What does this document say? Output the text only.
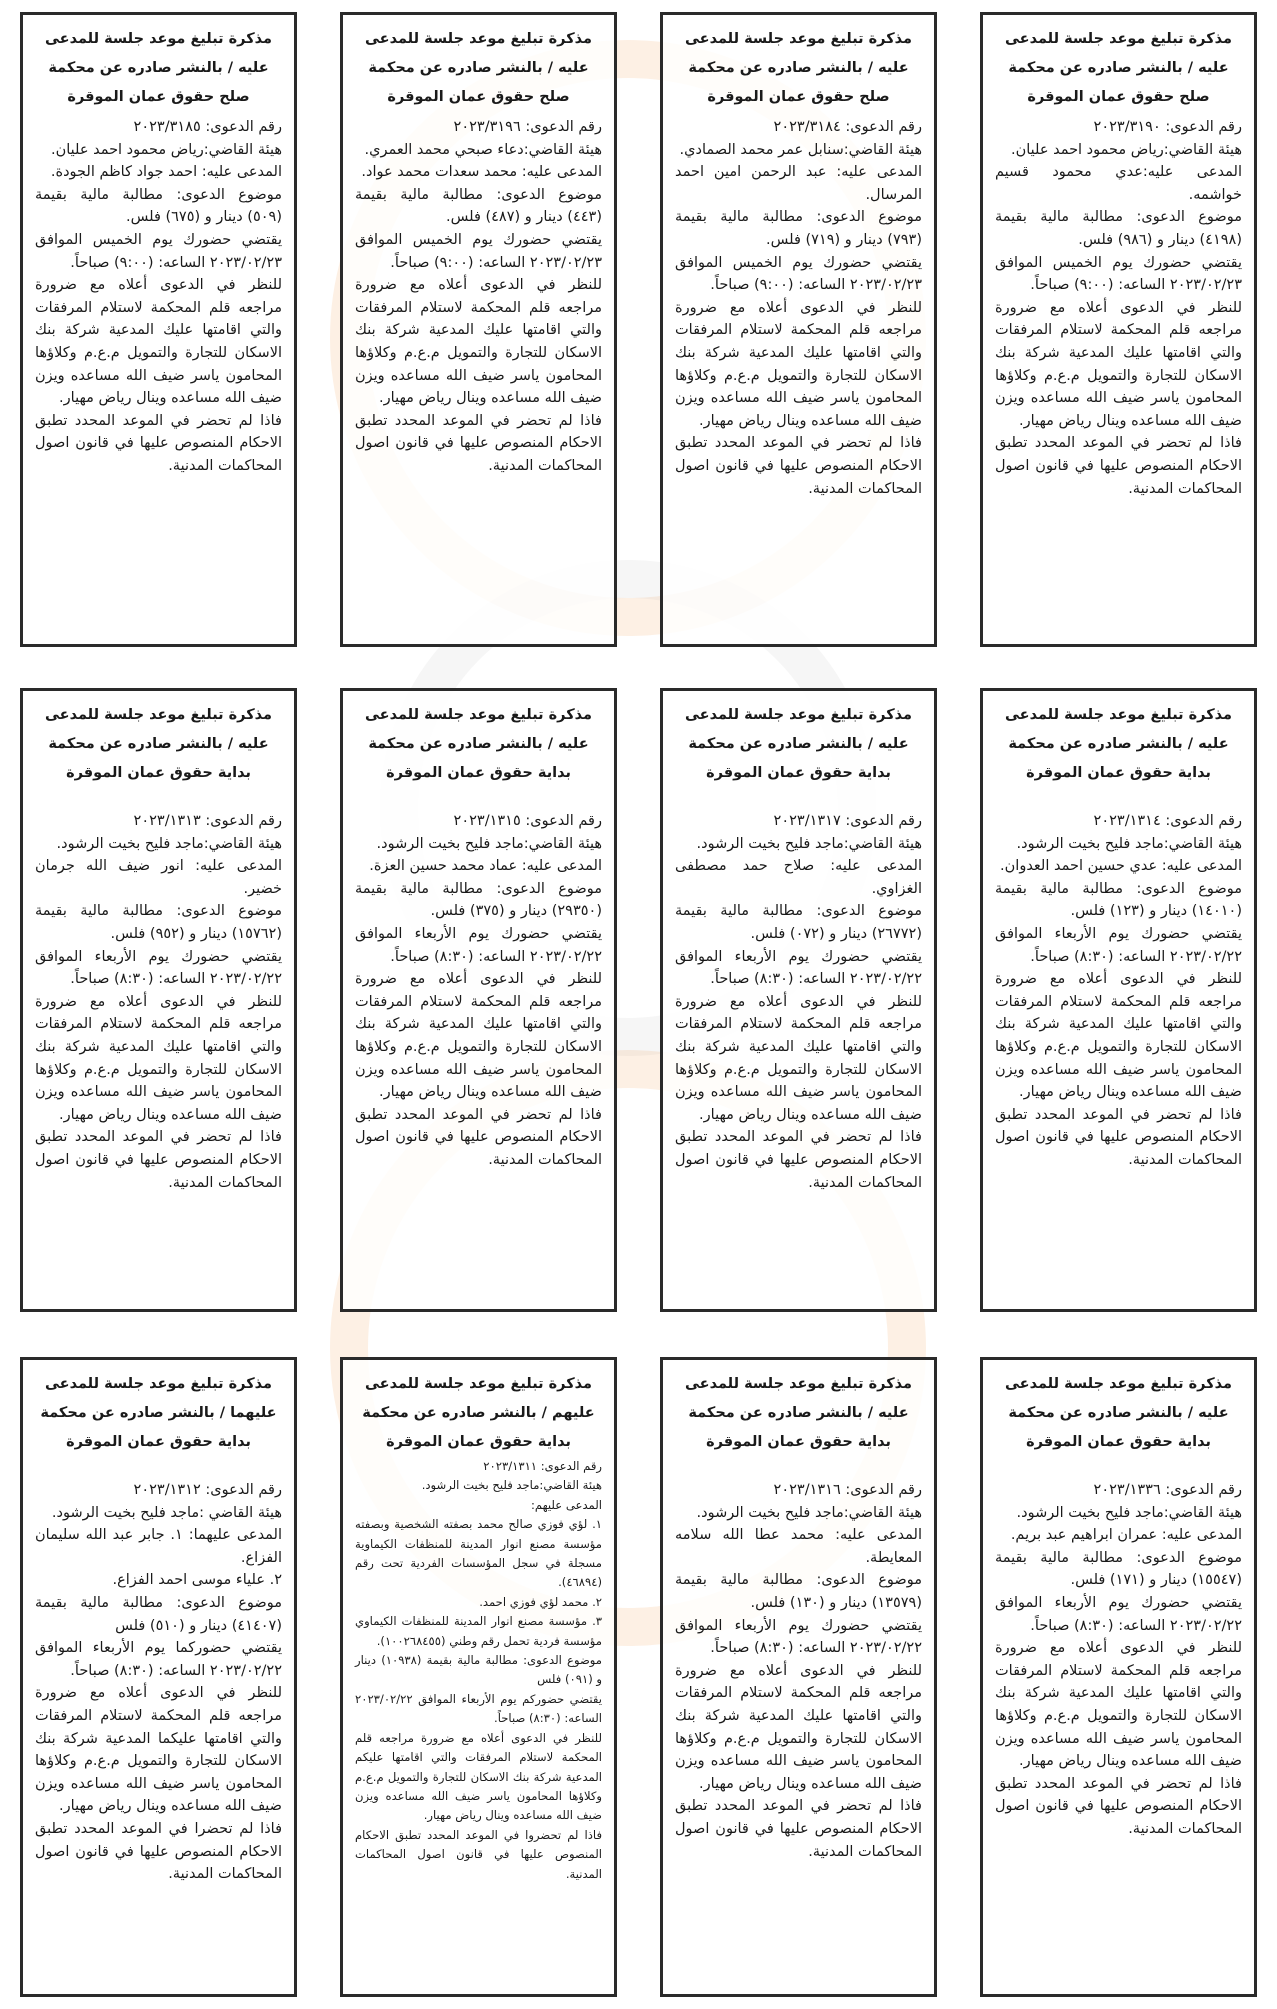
مذكرة تبليغ موعد جلسة للمدعى عليه / بالنشر صادره عن محكمة صلح حقوق عمان الموقرة

رقم الدعوى: ٢٠٢٣/٣١٩٠

هيئة القاضي:رياض محمود احمد عليان.

المدعى عليه:عدي محمود قسيم خواشمه.

موضوع الدعوى: مطالبة مالية بقيمة (٤١٩٨) دينار و (٩٨٦) فلس.

يقتضي حضورك يوم الخميس الموافق ٢٠٢٣/٠٢/٢٣ الساعه: (٩:٠٠) صباحاً.

للنظر في الدعوى أعلاه مع ضرورة مراجعه قلم المحكمة لاستلام المرفقات والتي اقامتها عليك المدعية شركة بنك الاسكان للتجارة والتمويل م.ع.م وكلاؤها المحامون ياسر ضيف الله مساعده ويزن ضيف الله مساعده وينال رياض مهيار.

فاذا لم تحضر في الموعد المحدد تطبق الاحكام المنصوص عليها في قانون اصول المحاكمات المدنية.

مذكرة تبليغ موعد جلسة للمدعى عليه / بالنشر صادره عن محكمة صلح حقوق عمان الموقرة

رقم الدعوى: ٢٠٢٣/٣١٨٤

هيئة القاضي:سنابل عمر محمد الصمادي.

المدعى عليه: عبد الرحمن امين احمد المرسال.

موضوع الدعوى: مطالبة مالية بقيمة (٧٩٣) دينار و (٧١٩) فلس.

يقتضي حضورك يوم الخميس الموافق ٢٠٢٣/٠٢/٢٣ الساعه: (٩:٠٠) صباحاً.

للنظر في الدعوى أعلاه مع ضرورة مراجعه قلم المحكمة لاستلام المرفقات والتي اقامتها عليك المدعية شركة بنك الاسكان للتجارة والتمويل م.ع.م وكلاؤها المحامون ياسر ضيف الله مساعده ويزن ضيف الله مساعده وينال رياض مهيار.

فاذا لم تحضر في الموعد المحدد تطبق الاحكام المنصوص عليها في قانون اصول المحاكمات المدنية.

مذكرة تبليغ موعد جلسة للمدعى عليه / بالنشر صادره عن محكمة صلح حقوق عمان الموقرة

رقم الدعوى: ٢٠٢٣/٣١٩٦

هيئة القاضي:دعاء صبحي محمد العمري.

المدعى عليه: محمد سعدات محمد عواد.

موضوع الدعوى: مطالبة مالية بقيمة (٤٤٣) دينار و (٤٨٧) فلس.

يقتضي حضورك يوم الخميس الموافق ٢٠٢٣/٠٢/٢٣ الساعه: (٩:٠٠) صباحاً.

للنظر في الدعوى أعلاه مع ضرورة مراجعه قلم المحكمة لاستلام المرفقات والتي اقامتها عليك المدعية شركة بنك الاسكان للتجارة والتمويل م.ع.م وكلاؤها المحامون ياسر ضيف الله مساعده ويزن ضيف الله مساعده وينال رياض مهيار.

فاذا لم تحضر في الموعد المحدد تطبق الاحكام المنصوص عليها في قانون اصول المحاكمات المدنية.

مذكرة تبليغ موعد جلسة للمدعى عليه / بالنشر صادره عن محكمة صلح حقوق عمان الموقرة

رقم الدعوى: ٢٠٢٣/٣١٨٥

هيئة القاضي:رياض محمود احمد عليان.

المدعى عليه: احمد جواد كاظم الجودة.

موضوع الدعوى: مطالبة مالية بقيمة (٥٠٩) دينار و (٦٧٥) فلس.

يقتضي حضورك يوم الخميس الموافق ٢٠٢٣/٠٢/٢٣ الساعه: (٩:٠٠) صباحاً.

للنظر في الدعوى أعلاه مع ضرورة مراجعه قلم المحكمة لاستلام المرفقات والتي اقامتها عليك المدعية شركة بنك الاسكان للتجارة والتمويل م.ع.م وكلاؤها المحامون ياسر ضيف الله مساعده ويزن ضيف الله مساعده وينال رياض مهيار.

فاذا لم تحضر في الموعد المحدد تطبق الاحكام المنصوص عليها في قانون اصول المحاكمات المدنية.

مذكرة تبليغ موعد جلسة للمدعى عليه / بالنشر صادره عن محكمة بداية حقوق عمان الموقرة

رقم الدعوى: ٢٠٢٣/١٣١٤

هيئة القاضي:ماجد فليح بخيت الرشود.

المدعى عليه: عدي حسين احمد العدوان.

موضوع الدعوى: مطالبة مالية بقيمة (١٤٠١٠) دينار و (١٢٣) فلس.

يقتضي حضورك يوم الأربعاء الموافق ٢٠٢٣/٠٢/٢٢ الساعه: (٨:٣٠) صباحاً.

للنظر في الدعوى أعلاه مع ضرورة مراجعه قلم المحكمة لاستلام المرفقات والتي اقامتها عليك المدعية شركة بنك الاسكان للتجارة والتمويل م.ع.م وكلاؤها المحامون ياسر ضيف الله مساعده ويزن ضيف الله مساعده وينال رياض مهيار.

فاذا لم تحضر في الموعد المحدد تطبق الاحكام المنصوص عليها في قانون اصول المحاكمات المدنية.

مذكرة تبليغ موعد جلسة للمدعى عليه / بالنشر صادره عن محكمة بداية حقوق عمان الموقرة

رقم الدعوى: ٢٠٢٣/١٣١٧

هيئة القاضي:ماجد فليح بخيت الرشود.

المدعى عليه: صلاح حمد مصطفى الغزاوي.

موضوع الدعوى: مطالبة مالية بقيمة (٢٦٧٧٢) دينار و (٠٧٢) فلس.

يقتضي حضورك يوم الأربعاء الموافق ٢٠٢٣/٠٢/٢٢ الساعه: (٨:٣٠) صباحاً.

للنظر في الدعوى أعلاه مع ضرورة مراجعه قلم المحكمة لاستلام المرفقات والتي اقامتها عليك المدعية شركة بنك الاسكان للتجارة والتمويل م.ع.م وكلاؤها المحامون ياسر ضيف الله مساعده ويزن ضيف الله مساعده وينال رياض مهيار.

فاذا لم تحضر في الموعد المحدد تطبق الاحكام المنصوص عليها في قانون اصول المحاكمات المدنية.

مذكرة تبليغ موعد جلسة للمدعى عليه / بالنشر صادره عن محكمة بداية حقوق عمان الموقرة

رقم الدعوى: ٢٠٢٣/١٣١٥

هيئة القاضي:ماجد فليح بخيت الرشود.

المدعى عليه: عماد محمد حسين العزة.

موضوع الدعوى: مطالبة مالية بقيمة (٢٩٣٥٠) دينار و (٣٧٥) فلس.

يقتضي حضورك يوم الأربعاء الموافق ٢٠٢٣/٠٢/٢٢ الساعه: (٨:٣٠) صباحاً.

للنظر في الدعوى أعلاه مع ضرورة مراجعه قلم المحكمة لاستلام المرفقات والتي اقامتها عليك المدعية شركة بنك الاسكان للتجارة والتمويل م.ع.م وكلاؤها المحامون ياسر ضيف الله مساعده ويزن ضيف الله مساعده وينال رياض مهيار.

فاذا لم تحضر في الموعد المحدد تطبق الاحكام المنصوص عليها في قانون اصول المحاكمات المدنية.

مذكرة تبليغ موعد جلسة للمدعى عليه / بالنشر صادره عن محكمة بداية حقوق عمان الموقرة

رقم الدعوى: ٢٠٢٣/١٣١٣

هيئة القاضي:ماجد فليح بخيت الرشود.

المدعى عليه: انور ضيف الله جرمان خضير.

موضوع الدعوى: مطالبة مالية بقيمة (١٥٧٦٢) دينار و (٩٥٢) فلس.

يقتضي حضورك يوم الأربعاء الموافق ٢٠٢٣/٠٢/٢٢ الساعه: (٨:٣٠) صباحاً.

للنظر في الدعوى أعلاه مع ضرورة مراجعه قلم المحكمة لاستلام المرفقات والتي اقامتها عليك المدعية شركة بنك الاسكان للتجارة والتمويل م.ع.م وكلاؤها المحامون ياسر ضيف الله مساعده ويزن ضيف الله مساعده وينال رياض مهيار.

فاذا لم تحضر في الموعد المحدد تطبق الاحكام المنصوص عليها في قانون اصول المحاكمات المدنية.

مذكرة تبليغ موعد جلسة للمدعى عليه / بالنشر صادره عن محكمة بداية حقوق عمان الموقرة

رقم الدعوى: ٢٠٢٣/١٣٣٦

هيئة القاضي:ماجد فليح بخيت الرشود.

المدعى عليه: عمران ابراهيم عبد بريم.

موضوع الدعوى: مطالبة مالية بقيمة (١٥٥٤٧) دينار و (١٧١) فلس.

يقتضي حضورك يوم الأربعاء الموافق ٢٠٢٣/٠٢/٢٢ الساعه: (٨:٣٠) صباحاً.

للنظر في الدعوى أعلاه مع ضرورة مراجعه قلم المحكمة لاستلام المرفقات والتي اقامتها عليك المدعية شركة بنك الاسكان للتجارة والتمويل م.ع.م وكلاؤها المحامون ياسر ضيف الله مساعده ويزن ضيف الله مساعده وينال رياض مهيار.

فاذا لم تحضر في الموعد المحدد تطبق الاحكام المنصوص عليها في قانون اصول المحاكمات المدنية.

مذكرة تبليغ موعد جلسة للمدعى عليه / بالنشر صادره عن محكمة بداية حقوق عمان الموقرة

رقم الدعوى: ٢٠٢٣/١٣١٦

هيئة القاضي:ماجد فليح بخيت الرشود.

المدعى عليه: محمد عطا الله سلامه المعايطة.

موضوع الدعوى: مطالبة مالية بقيمة (١٣٥٧٩) دينار و (١٣٠) فلس.

يقتضي حضورك يوم الأربعاء الموافق ٢٠٢٣/٠٢/٢٢ الساعه: (٨:٣٠) صباحاً.

للنظر في الدعوى أعلاه مع ضرورة مراجعه قلم المحكمة لاستلام المرفقات والتي اقامتها عليك المدعية شركة بنك الاسكان للتجارة والتمويل م.ع.م وكلاؤها المحامون ياسر ضيف الله مساعده ويزن ضيف الله مساعده وينال رياض مهيار.

فاذا لم تحضر في الموعد المحدد تطبق الاحكام المنصوص عليها في قانون اصول المحاكمات المدنية.

مذكرة تبليغ موعد جلسة للمدعى عليهم / بالنشر صادره عن محكمة بداية حقوق عمان الموقرة

رقم الدعوى: ٢٠٢٣/١٣١١

هيئة القاضي:ماجد فليح بخيت الرشود.

المدعى عليهم:

١. لؤي فوزي صالح محمد بصفته الشخصية وبصفته مؤسسة مصنع انوار المدينة للمنظفات الكيماوية مسجلة في سجل المؤسسات الفردية تحت رقم (٤٦٨٩٤).

٢. محمد لؤي فوزي احمد.

٣. مؤسسة مصنع انوار المدينة للمنظفات الكيماوي مؤسسة فردية تحمل رقم وطني (١٠٠٢٦٨٤٥٥).

موضوع الدعوى: مطالبة مالية بقيمة (١٠٩٣٨) دينار و (٠٩١) فلس

يقتضي حضوركم يوم الأربعاء الموافق ٢٠٢٣/٠٢/٢٢ الساعه: (٨:٣٠) صباحاً.

للنظر في الدعوى أعلاه مع ضرورة مراجعه قلم المحكمة لاستلام المرفقات والتي اقامتها عليكم المدعية شركة بنك الاسكان للتجارة والتمويل م.ع.م وكلاؤها المحامون ياسر ضيف الله مساعده ويزن ضيف الله مساعده وينال رياض مهيار.

فاذا لم تحضروا في الموعد المحدد تطبق الاحكام المنصوص عليها في قانون اصول المحاكمات المدنية.

مذكرة تبليغ موعد جلسة للمدعى عليهما / بالنشر صادره عن محكمة بداية حقوق عمان الموقرة

رقم الدعوى: ٢٠٢٣/١٣١٢

هيئة القاضي :ماجد فليح بخيت الرشود.

المدعى عليهما: ١. جابر عبد الله سليمان الفزاع.

٢. علياء موسى احمد الفزاع.

موضوع الدعوى: مطالبة مالية بقيمة (٤١٤٠٧) دينار و (٥١٠) فلس

يقتضي حضوركما يوم الأربعاء الموافق ٢٠٢٣/٠٢/٢٢ الساعه: (٨:٣٠) صباحاً.

للنظر في الدعوى أعلاه مع ضرورة مراجعه قلم المحكمة لاستلام المرفقات والتي اقامتها عليكما المدعية شركة بنك الاسكان للتجارة والتمويل م.ع.م وكلاؤها المحامون ياسر ضيف الله مساعده ويزن ضيف الله مساعده وينال رياض مهيار.

فاذا لم تحضرا في الموعد المحدد تطبق الاحكام المنصوص عليها في قانون اصول المحاكمات المدنية.
